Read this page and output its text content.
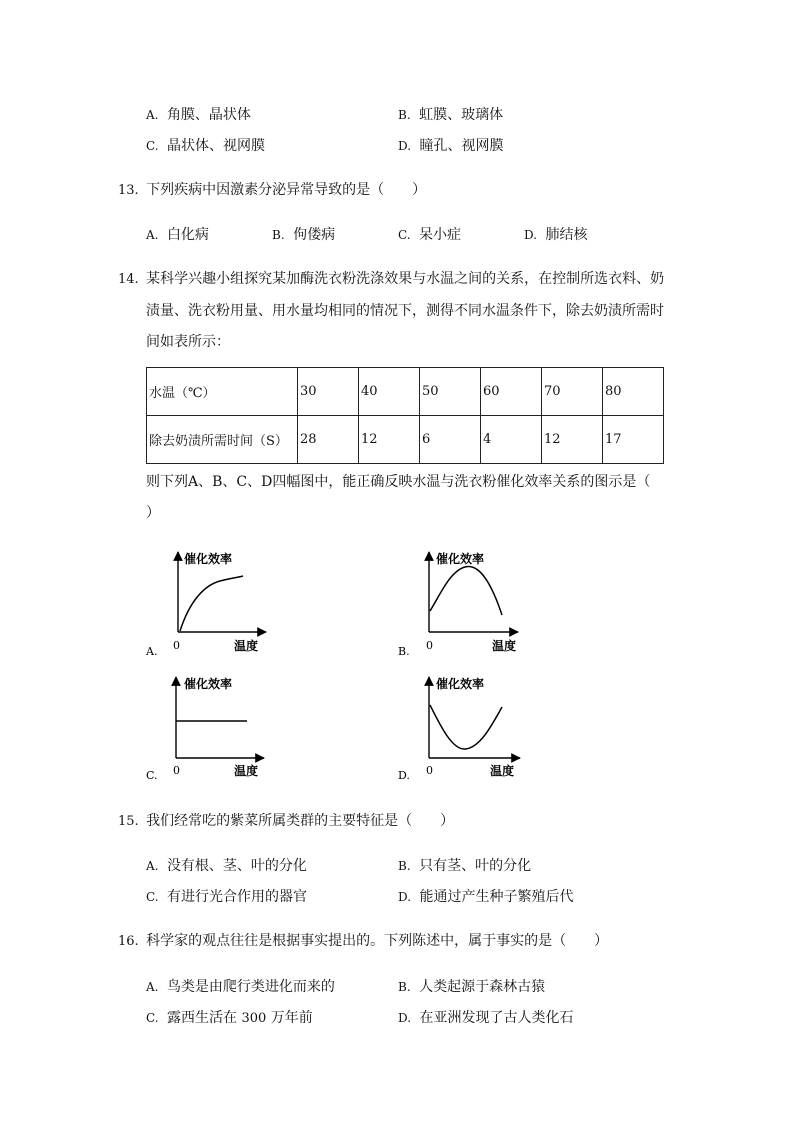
A. 角膜、晶状体	B. 虹膜、玻璃体
C. 晶状体、视网膜	D. 瞳孔、视网膜
13. 下列疾病中因激素分泌异常导致的是（　　）
A. 白化病	B. 佝偻病	C. 呆小症	D. 肺结核
14. 某科学兴趣小组探究某加酶洗衣粉洗涤效果与水温之间的关系，在控制所选衣料、奶
渍量、洗衣粉用量、用水量均相同的情况下，测得不同水温条件下，除去奶渍所需时
间如表所示：
水温（℃）	30	40	50	60	70	80
除去奶渍所需时间（S）	28	12	6	4	12	17
则下列A、B、C、D四幅图中，能正确反映水温与洗衣粉催化效率关系的图示是（
）
催化效率
温度
0
A.
催化效率
温度
0
B.
催化效率
温度
0
C.
催化效率
温度
0
D.
15. 我们经常吃的紫菜所属类群的主要特征是（　　）
A. 没有根、茎、叶的分化	B. 只有茎、叶的分化
C. 有进行光合作用的器官	D. 能通过产生种子繁殖后代
16. 科学家的观点往往是根据事实提出的。下列陈述中，属于事实的是（　　）
A. 鸟类是由爬行类进化而来的	B. 人类起源于森林古猿
C. 露西生活在 300 万年前	D. 在亚洲发现了古人类化石
